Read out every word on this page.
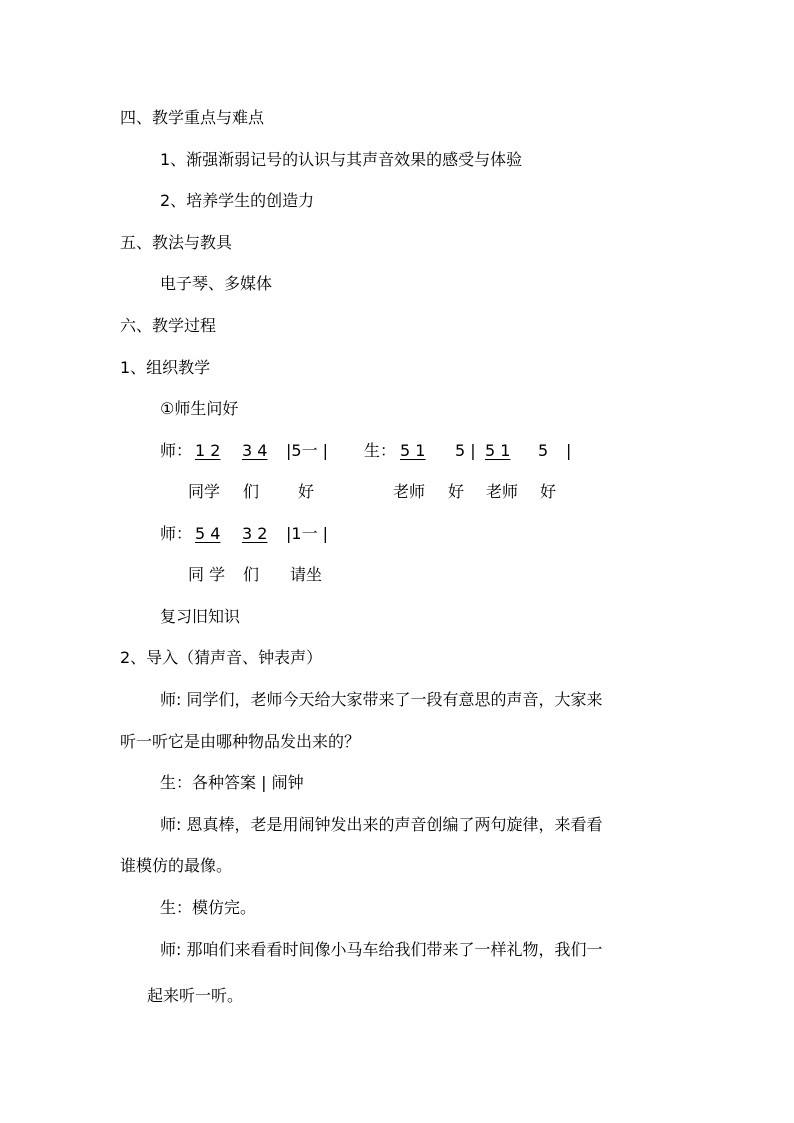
四、教学重点与难点
1、渐强渐弱记号的认识与其声音效果的感受与体验
2、培养学生的创造力
五、教法与教具
电子琴、多媒体
六、教学过程
1、组织教学
①师生问好
师： 1 2 3 4 |5一 | 生： 5 1 5 | 5 1 5 |
同学 们 好	老师 好 老师 好
师： 5 4 3 2 |1一 |
同 学 们 请坐
复习旧知识
2、导入（猜声音、钟表声）
师: 同学们，老师今天给大家带来了一段有意思的声音，大家来
听一听它是由哪种物品发出来的？
生：各种答案 | 闹钟
师: 恩真棒，老是用闹钟发出来的声音创编了两句旋律，来看看
谁模仿的最像。
生：模仿完。
师: 那咱们来看看时间像小马车给我们带来了一样礼物，我们一
起来听一听。
